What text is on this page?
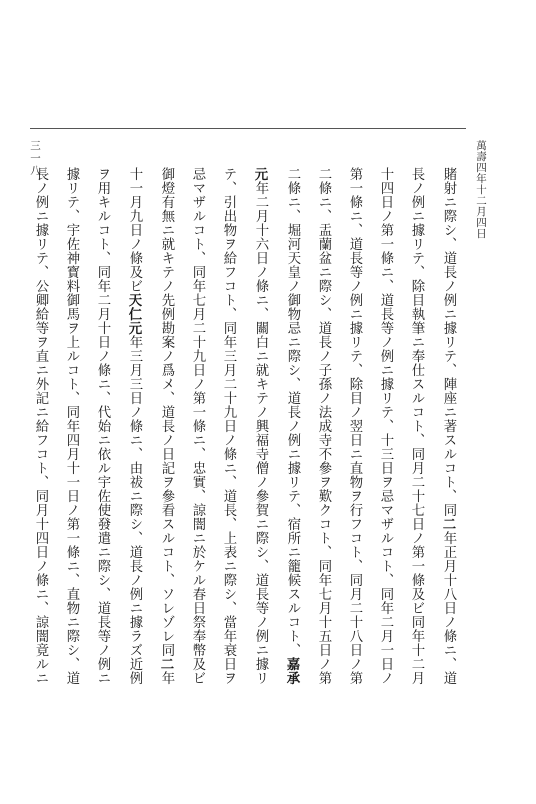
萬壽四年十二月四日
三一八
賭射ニ際シ、道長ノ例ニ據リテ、陣座ニ著スルコト、同二年正月十八日ノ條ニ、道
長ノ例ニ據リテ、除目執筆ニ奉仕スルコト、同月二十七日ノ第一條及ビ同年十二月
十四日ノ第一條ニ、道長等ノ例ニ據リテ、十三日ヲ忌マザルコト、同年二月一日ノ
第一條ニ、道長等ノ例ニ據リテ、除目ノ翌日ニ直物ヲ行フコト、同月二十八日ノ第
二條ニ、盂蘭盆ニ際シ、道長ノ子孫ノ法成寺不參ヲ歎クコト、同年七月十五日ノ第
二條ニ、堀河天皇ノ御物忌ニ際シ、道長ノ例ニ據リテ、宿所ニ籠候スルコト、嘉承
元年二月十六日ノ條ニ、關白ニ就キテノ興福寺僧ノ參賀ニ際シ、道長等ノ例ニ據リ
テ、引出物ヲ給フコト、同年三月二十九日ノ條ニ、道長、上表ニ際シ、當年衰日ヲ
忌マザルコト、同年七月二十九日ノ第一條ニ、忠實、諒闇ニ於ケル春日祭奉幣及ビ
御燈有無ニ就キテノ先例勘案ノ爲メ、道長ノ日記ヲ參看スルコト、ソレゾレ同二年
十一月九日ノ條及ビ天仁元年三月三日ノ條ニ、由祓ニ際シ、道長ノ例ニ據ラズ近例
ヲ用キルコト、同年二月十日ノ條ニ、代始ニ依ル宇佐使發遣ニ際シ、道長等ノ例ニ
據リテ、宇佐神寳料御馬ヲ上ルコト、同年四月十一日ノ第一條ニ、直物ニ際シ、道
長ノ例ニ據リテ、公卿給等ヲ直ニ外記ニ給フコト、同月十四日ノ條ニ、諒闇竟ルニ
